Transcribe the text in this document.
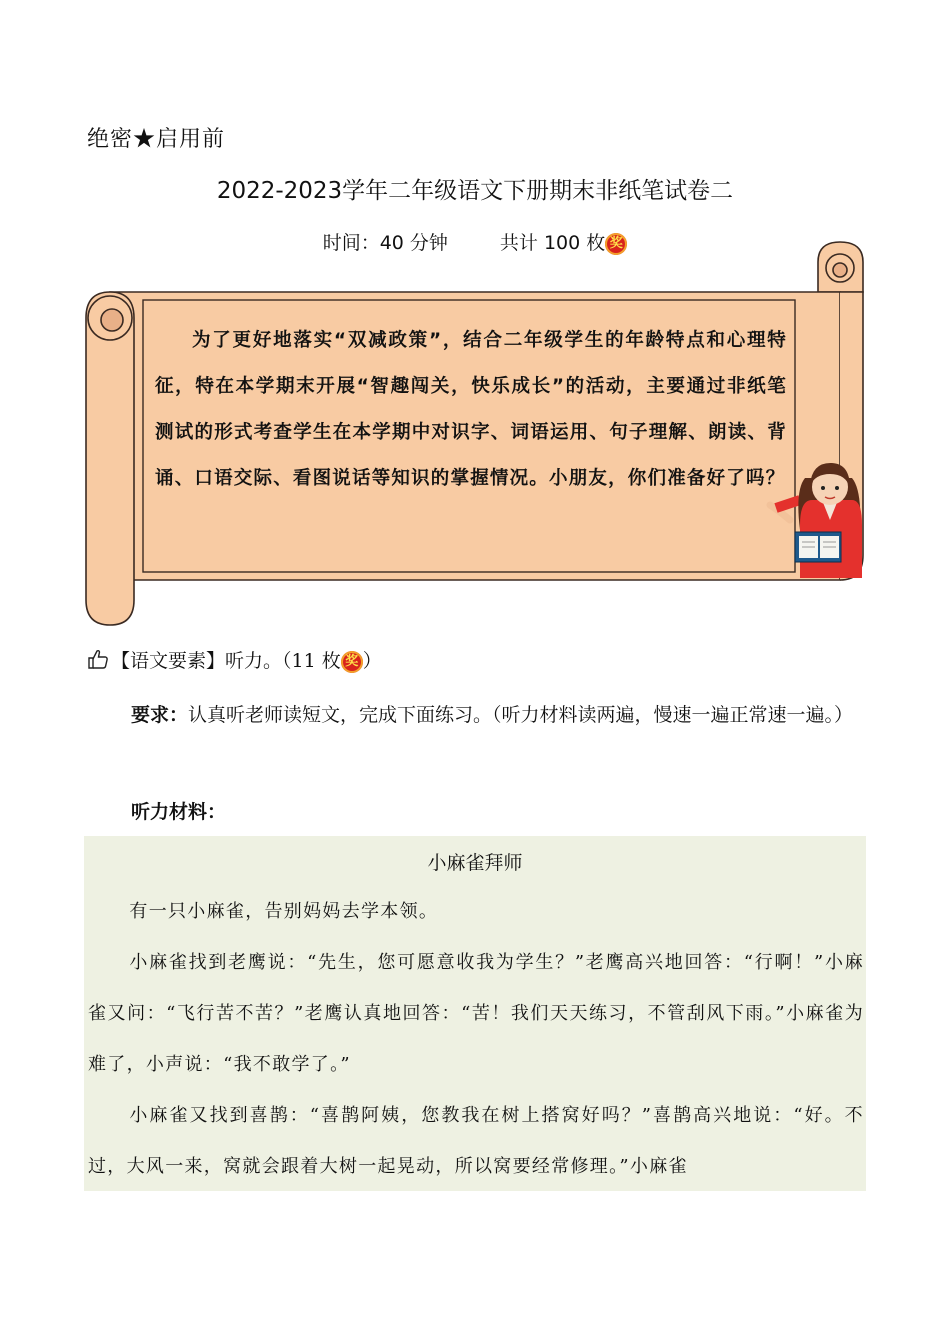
绝密★启用前
2022-2023学年二年级语文下册期末非纸笔试卷二
时间：40 分钟	共计 100 枚 奖
为了更好地落实“双减政策”，结合二年级学生的年龄特点和心理特征，特在本学期末开展“智趣闯关，快乐成长”的活动，主要通过非纸笔测试的形式考查学生在本学期中对识字、词语运用、句子理解、朗读、背诵、口语交际、看图说话等知识的掌握情况。小朋友，你们准备好了吗？
【语文要素】听力。（11 枚 奖 ）
要求：认真听老师读短文，完成下面练习。（听力材料读两遍，慢速一遍正常速一遍。）
听力材料：
小麻雀拜师

有一只小麻雀，告别妈妈去学本领。

小麻雀找到老鹰说：“先生，您可愿意收我为学生？”老鹰高兴地回答：“行啊！”小麻雀又问：“飞行苦不苦？”老鹰认真地回答：“苦！我们天天练习，不管刮风下雨。”小麻雀为难了，小声说：“我不敢学了。”

小麻雀又找到喜鹊：“喜鹊阿姨，您教我在树上搭窝好吗？”喜鹊高兴地说：“好。不过，大风一来，窝就会跟着大树一起晃动，所以窝要经常修理。”小麻雀
